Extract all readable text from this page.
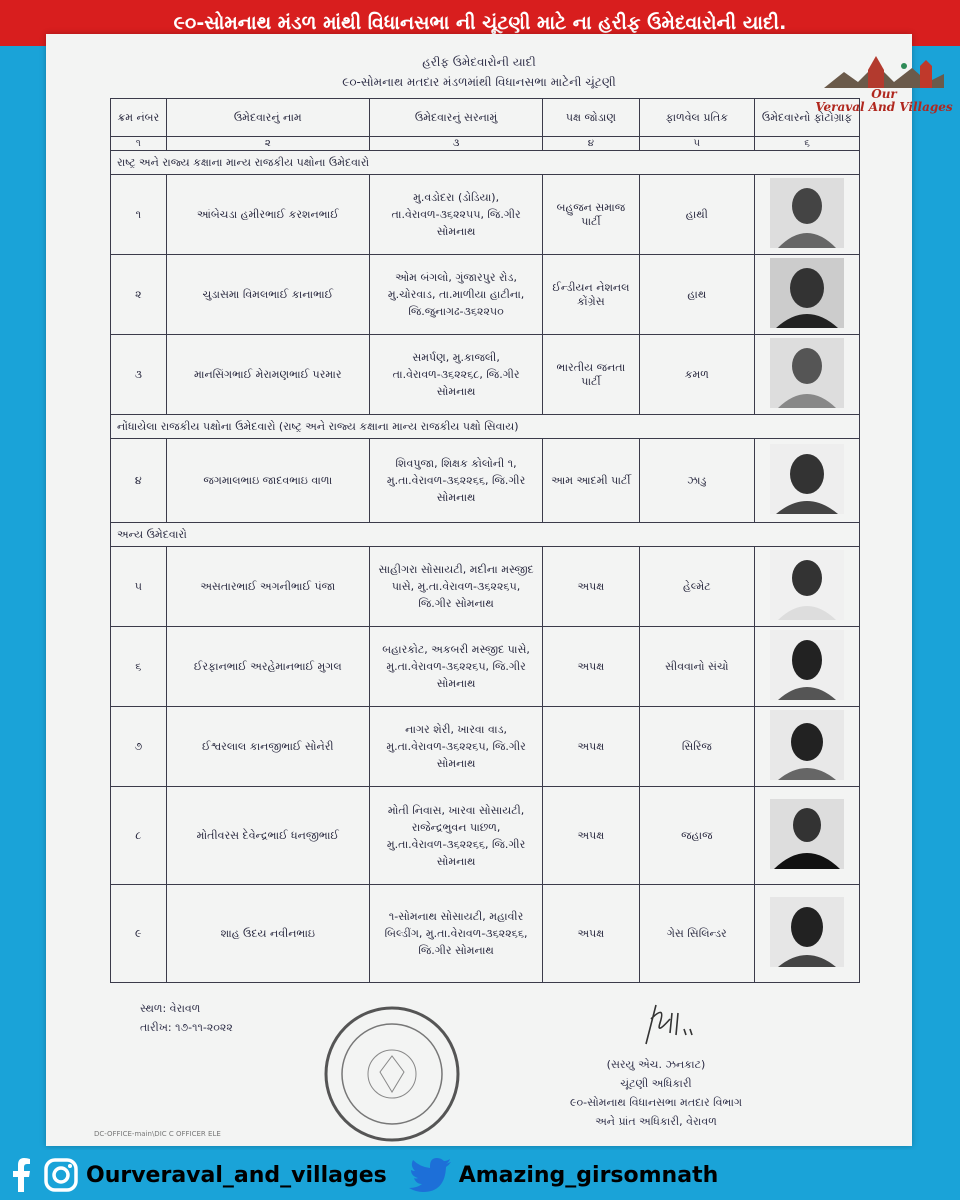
૯૦-સોમનાથ મંડળ માંથી વિધાનસભા ની ચૂંટણી માટે ના હરીફ ઉમેદવારોની યાદી.
હરીફ ઉમેદવારોની યાદી
૯૦-સોમનાથ મતદાર મંડળમાંથી વિધાનસભા માટેની ચૂંટણી
ક્રમ નંબર	ઉમેદવારનું નામ	ઉમેદવારનું સરનામું	પક્ષ જોડાણ	ફાળવેલ પ્રતિક	ઉમેદવારનો ફોટોગ્રાફ
૧	૨	૩	૪	૫	૬
રાષ્ટ્ર અને રાજ્ય કક્ષાના માન્ય રાજકીય પક્ષોના ઉમેદવારો					
૧	આંબેચડા હમીરભાઈ કરશનભાઈ	મુ.વડોદરા (ડોડિયા), તા.વેરાવળ-૩૬૨૨૫૫, જિ.ગીર સોમનાથ	બહુજન સમાજ પાર્ટી	હાથી	
૨	ચુડાસમા વિમલભાઈ કાનાભાઈ	ઓમ બંગલો, ગુંજારપુર રોડ, મુ.ચોરવાડ, તા.માળીયા હાટીના, જિ.જુનાગઢ-૩૬૨૨૫૦	ઈન્ડીયન નેશનલ કોંગ્રેસ	હાથ	
૩	માનસિંગભાઈ મેરામણભાઈ પરમાર	સમર્પણ, મુ.કાજલી, તા.વેરાવળ-૩૬૨૨૬૮, જિ.ગીર સોમનાથ	ભારતીય જનતા પાર્ટી	કમળ	
નોંધાયેલા રાજકીય પક્ષોના ઉમેદવારો (રાષ્ટ્ર અને રાજ્ય કક્ષાના માન્ય રાજકીય પક્ષો સિવાય)					
૪	જગમાલભાઇ જાદવભાઇ વાળા	શિવપુજા, શિક્ષક કોલોની ૧, મુ.તા.વેરાવળ-૩૬૨૨૬૬, જિ.ગીર સોમનાથ	આમ આદમી પાર્ટી	ઝાડુ	
અન્ય ઉમેદવારો					
૫	અસતારભાઈ અગનીભાઈ પંજા	સાહીગરા સોસાયટી, મદીના મસ્જીદ પાસે, મુ.તા.વેરાવળ-૩૬૨૨૬૫, જિ.ગીર સોમનાથ	અપક્ષ	હેલ્મેટ	
૬	ઈરફાનભાઈ અરહેમાનભાઈ મુગલ	બહારકોટ, અકબરી મસ્જીદ પાસે, મુ.તા.વેરાવળ-૩૬૨૨૬૫, જિ.ગીર સોમનાથ	અપક્ષ	સીવવાનો સંચો	
૭	ઈશ્વરલાલ કાનજીભાઈ સોનેરી	નાગર શેરી, ખારવા વાડ, મુ.તા.વેરાવળ-૩૬૨૨૬૫, જિ.ગીર સોમનાથ	અપક્ષ	સિરિંજ	
૮	મોતીવરસ દેવેન્દ્રભાઈ ધનજીભાઈ	મોતી નિવાસ, ખારવા સોસાયટી, રાજેન્દ્રભુવન પાછળ, મુ.તા.વેરાવળ-૩૬૨૨૬૬, જિ.ગીર સોમનાથ	અપક્ષ	જહાજ	
૯	શાહ ઉદય નવીનભાઇ	૧-સોમનાથ સોસાયટી, મહાવીર બિલ્ડીંગ, મુ.તા.વેરાવળ-૩૬૨૨૬૬, જિ.ગીર સોમનાથ	અપક્ષ	ગેસ સિલિન્ડર	
સ્થળ: વેરાવળ
તારીખ: ૧૭-૧૧-૨૦૨૨
(સરયુ એચ. ઝનકાટ)
ચૂંટણી અધિકારી
૯૦-સોમનાથ વિધાનસભા મતદાર વિભાગ
અને પ્રાંત અધિકારી, વેરાવળ
DC-OFFICE-main\DIC C OFFICER ELE
Our
Veraval And Villages
Ourveraval_and_villages	Amazing_girsomnath
